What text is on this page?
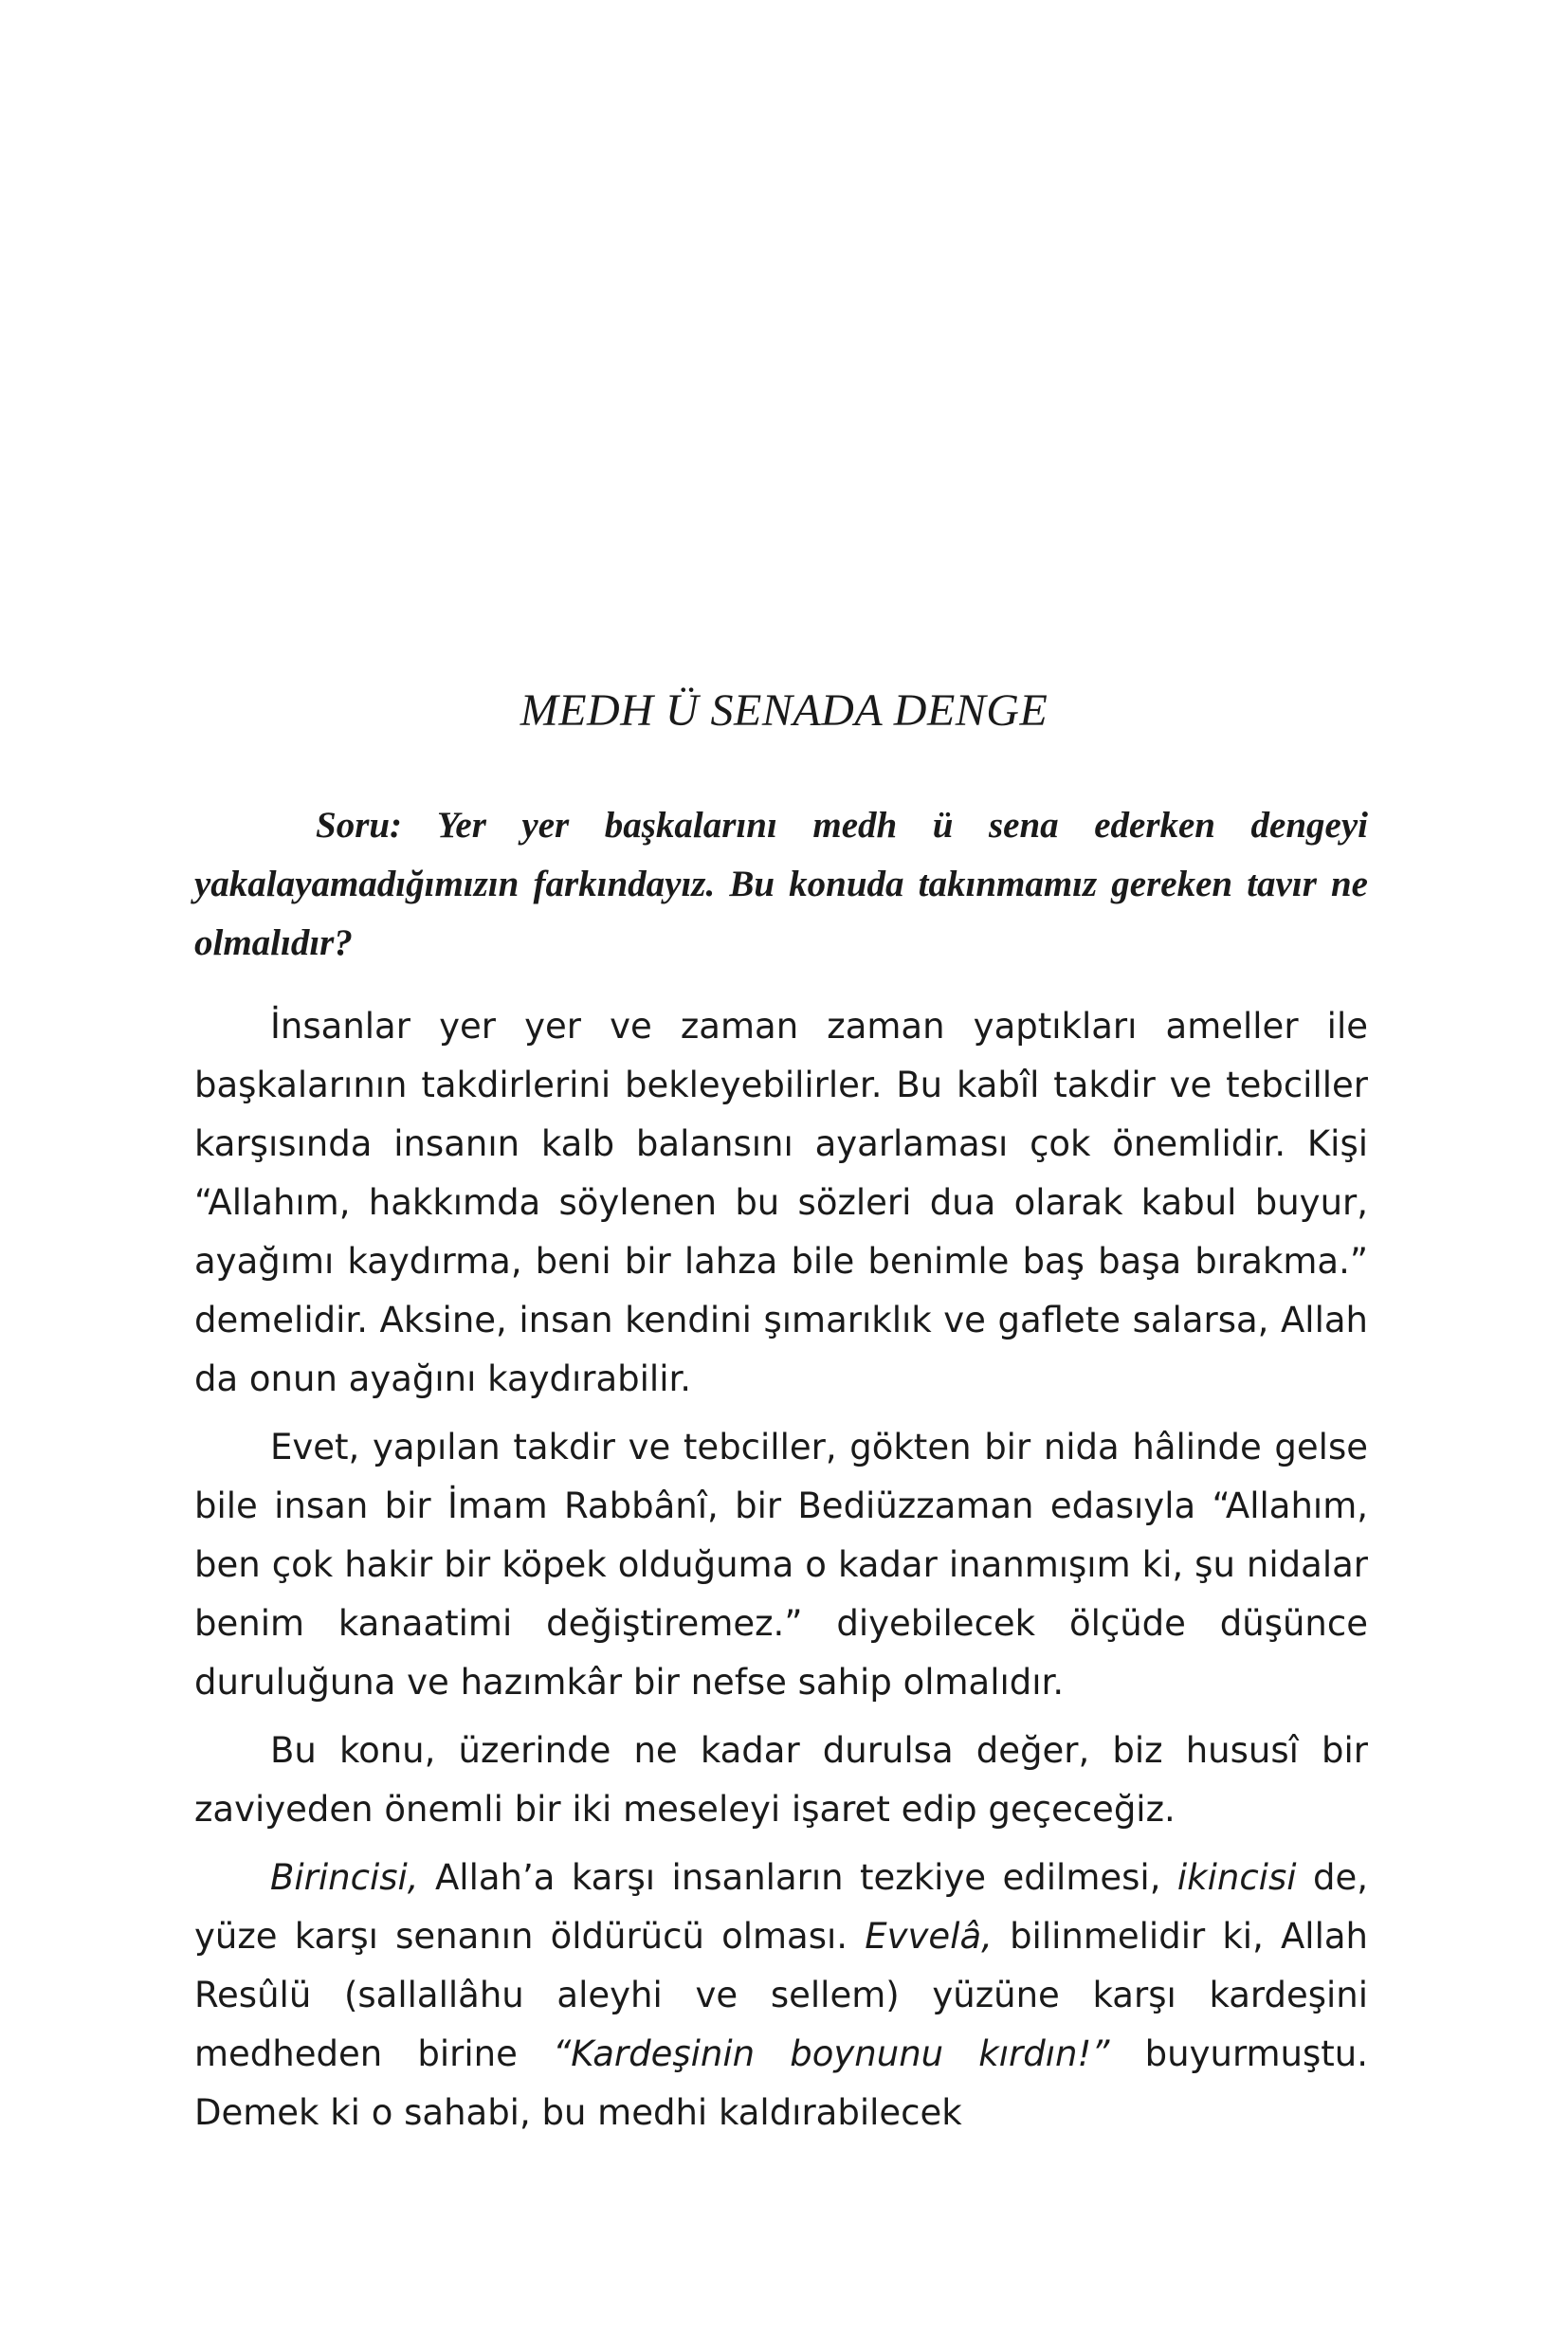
MEDH Ü SENADA DENGE

Soru: Yer yer başkalarını medh ü sena ederken dengeyi yakalayamadığımızın farkındayız. Bu konuda takınmamız gereken tavır ne olmalıdır?

İnsanlar yer yer ve zaman zaman yaptıkları ameller ile başkalarının takdirlerini bekleyebilirler. Bu kabîl takdir ve tebciller karşısında insanın kalb balansını ayarlaması çok önemlidir. Kişi “Allahım, hakkımda söylenen bu sözleri dua olarak kabul buyur, ayağımı kaydırma, beni bir lahza bile benimle baş başa bırakma.” demelidir. Aksine, insan kendini şımarıklık ve gaflete salarsa, Allah da onun ayağını kaydırabilir.

Evet, yapılan takdir ve tebciller, gökten bir nida hâlinde gelse bile insan bir İmam Rabbânî, bir Bediüzzaman edasıyla “Allahım, ben çok hakir bir köpek olduğuma o kadar inanmışım ki, şu nidalar benim kanaatimi değiştiremez.” diyebilecek ölçüde düşünce duruluğuna ve hazımkâr bir nefse sahip olmalıdır.

Bu konu, üzerinde ne kadar durulsa değer, biz hususî bir zaviyeden önemli bir iki meseleyi işaret edip geçeceğiz.

Birincisi, Allah’a karşı insanların tezkiye edilmesi, ikincisi de, yüze karşı senanın öldürücü olması. Evvelâ, bilinmelidir ki, Allah Resûlü (sallallâhu aleyhi ve sellem) yüzüne karşı kardeşini medheden birine “Kardeşinin boynunu kırdın!” buyurmuştu. Demek ki o sahabi, bu medhi kaldırabilecek
